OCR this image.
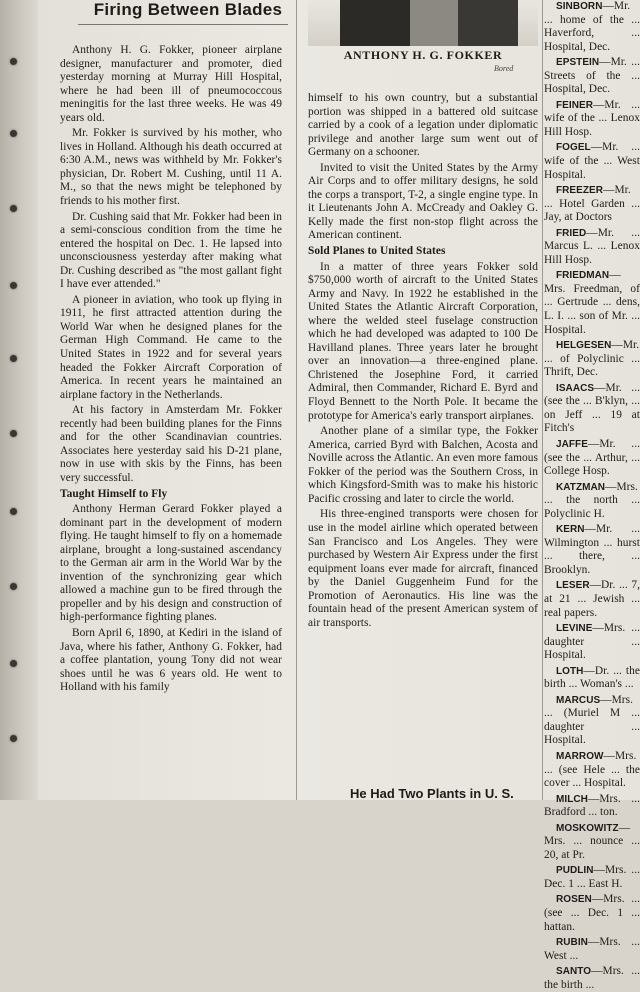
Firing Between Blades
ANTHONY H. G. FOKKER
Bored

Anthony H. G. Fokker, pioneer airplane designer, manufacturer and promoter, died yesterday morning at Murray Hill Hospital, where he had been ill of pneumococcous meningitis for the last three weeks. He was 49 years old.

Mr. Fokker is survived by his mother, who lives in Holland. Although his death occurred at 6:30 A.M., news was withheld by Mr. Fokker's physician, Dr. Robert M. Cushing, until 11 A. M., so that the news might be telephoned by friends to his mother first.

Dr. Cushing said that Mr. Fokker had been in a semi-conscious condition from the time he entered the hospital on Dec. 1. He lapsed into unconsciousness yesterday after making what Dr. Cushing described as "the most gallant fight I have ever attended."

A pioneer in aviation, who took up flying in 1911, he first attracted attention during the World War when he designed planes for the German High Command. He came to the United States in 1922 and for several years headed the Fokker Aircraft Corporation of America. In recent years he maintained an airplane factory in the Netherlands.

At his factory in Amsterdam Mr. Fokker recently had been building planes for the Finns and for the other Scandinavian countries. Associates here yesterday said his D-21 plane, now in use with skis by the Finns, has been very successful.

Taught Himself to Fly

Anthony Herman Gerard Fokker played a dominant part in the development of modern flying. He taught himself to fly on a homemade airplane, brought a long-sustained ascendancy to the German air arm in the World War by the invention of the synchronizing gear which allowed a machine gun to be fired through the propeller and by his design and construction of high-performance fighting planes.

Born April 6, 1890, at Kediri in the island of Java, where his father, Anthony G. Fokker, had a coffee plantation, young Tony did not wear shoes until he was 6 years old. He went to Holland with his family

himself to his own country, but a substantial portion was shipped in a battered old suitcase carried by a cook of a legation under diplomatic privilege and another large sum went out of Germany on a schooner.

Invited to visit the United States by the Army Air Corps and to offer military designs, he sold the corps a transport, T-2, a single engine type. In it Lieutenants John A. McCready and Oakley G. Kelly made the first non-stop flight across the American continent.

Sold Planes to United States

In a matter of three years Fokker sold $750,000 worth of aircraft to the United States Army and Navy. In 1922 he established in the United States the Atlantic Aircraft Corporation, where the welded steel fuselage construction which he had developed was adapted to 100 De Havilland planes. Three years later he brought over an innovation—a three-engined plane. Christened the Josephine Ford, it carried Admiral, then Commander, Richard E. Byrd and Floyd Bennett to the North Pole. It became the prototype for America's early transport airplanes.

Another plane of a similar type, the Fokker America, carried Byrd with Balchen, Acosta and Noville across the Atlantic. An even more famous Fokker of the period was the Southern Cross, in which Kingsford-Smith was to make his historic Pacific crossing and later to circle the world.

His three-engined transports were chosen for use in the model airline which operated between San Francisco and Los Angeles. They were purchased by Western Air Express under the first equipment loans ever made for aircraft, financed by the Daniel Guggenheim Fund for the Promotion of Aeronautics. His line was the fountain head of the present American system of air transports.

He Had Two Plants in U. S.

SINBORN—Mr. ... home of the ... Haverford, ... Hospital, Dec.

EPSTEIN—Mr. ... Streets of the ... Hospital, Dec.

FEINER—Mr. ... wife of the ... Lenox Hill Hosp.

FOGEL—Mr. ... wife of the ... West Hospital.

FREEZER—Mr. ... Hotel Garden ... Jay, at Doctors

FRIED—Mr. ... Marcus L. ... Lenox Hill Hosp.

FRIEDMAN—Mrs. Freedman, of ... Gertrude ... dens, L. I. ... son of Mr. ... Hospital.

HELGESEN—Mr. ... of Polyclinic ... Thrift, Dec.

ISAACS—Mr. ... (see the ... B'klyn, ... on Jeff ... 19 at Fitch's

JAFFE—Mr. ... (see the ... Arthur, ... College Hosp.

KATZMAN—Mrs. ... the north ... Polyclinic H.

KERN—Mr. ... Wilmington ... hurst ... there, ... Brooklyn.

LESER—Dr. ... 7, at 21 ... Jewish ... real papers.

LEVINE—Mrs. ... daughter ... Hospital.

LOTH—Dr. ... the birth ... Woman's ...

MARCUS—Mrs. ... (Muriel M ... daughter ... Hospital.

MARROW—Mrs. ... (see Hele ... the cover ... Hospital.

MILCH—Mrs. ... Bradford ... ton.

MOSKOWITZ—Mrs. ... nounce ... 20, at Pr.

PUDLIN—Mrs. ... Dec. 1 ... East H.

ROSEN—Mrs. ... (see ... Dec. 1 ... hattan.

RUBIN—Mrs. ... West ...

SANTO—Mrs. ... the birth ...
